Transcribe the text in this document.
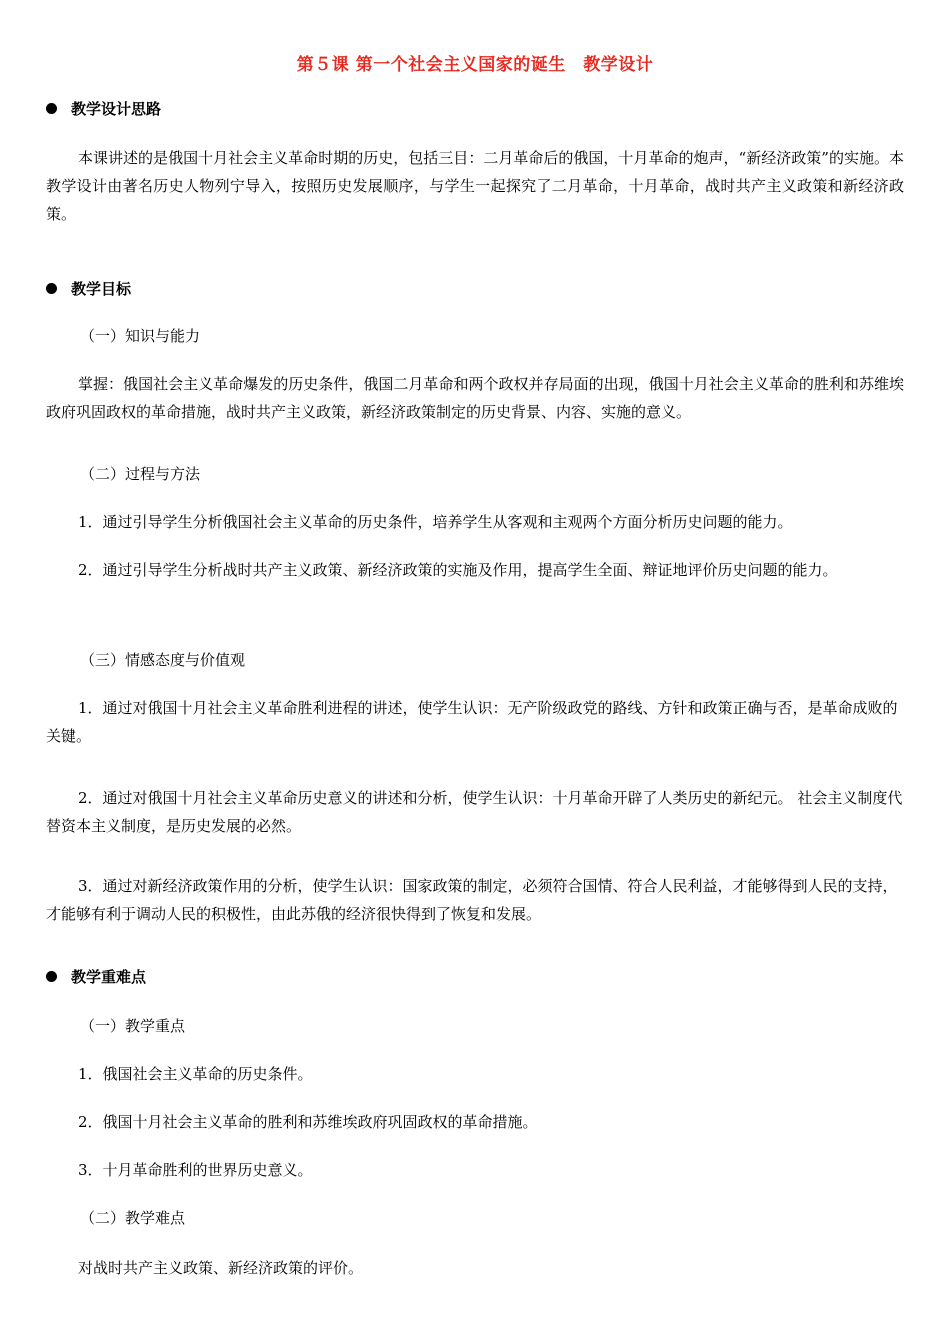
第５课 第一个社会主义国家的诞生　教学设计
教学设计思路
本课讲述的是俄国十月社会主义革命时期的历史，包括三目：二月革命后的俄国，十月革命的炮声，“新经济政策”的实施。本教学设计由著名历史人物列宁导入，按照历史发展顺序，与学生一起探究了二月革命，十月革命，战时共产主义政策和新经济政策。
教学目标
（一）知识与能力
掌握：俄国社会主义革命爆发的历史条件，俄国二月革命和两个政权并存局面的出现，俄国十月社会主义革命的胜利和苏维埃政府巩固政权的革命措施，战时共产主义政策，新经济政策制定的历史背景、内容、实施的意义。
（二）过程与方法
1．通过引导学生分析俄国社会主义革命的历史条件，培养学生从客观和主观两个方面分析历史问题的能力。
2．通过引导学生分析战时共产主义政策、新经济政策的实施及作用，提高学生全面、辩证地评价历史问题的能力。
（三）情感态度与价值观
1．通过对俄国十月社会主义革命胜利进程的讲述，使学生认识：无产阶级政党的路线、方针和政策正确与否，是革命成败的关键。
2．通过对俄国十月社会主义革命历史意义的讲述和分析，使学生认识：十月革命开辟了人类历史的新纪元。 社会主义制度代替资本主义制度，是历史发展的必然。
3．通过对新经济政策作用的分析，使学生认识：国家政策的制定，必须符合国情、符合人民利益，才能够得到人民的支持，才能够有利于调动人民的积极性，由此苏俄的经济很快得到了恢复和发展。
教学重难点
（一）教学重点
1．俄国社会主义革命的历史条件。
2．俄国十月社会主义革命的胜利和苏维埃政府巩固政权的革命措施。
3．十月革命胜利的世界历史意义。
（二）教学难点
对战时共产主义政策、新经济政策的评价。
